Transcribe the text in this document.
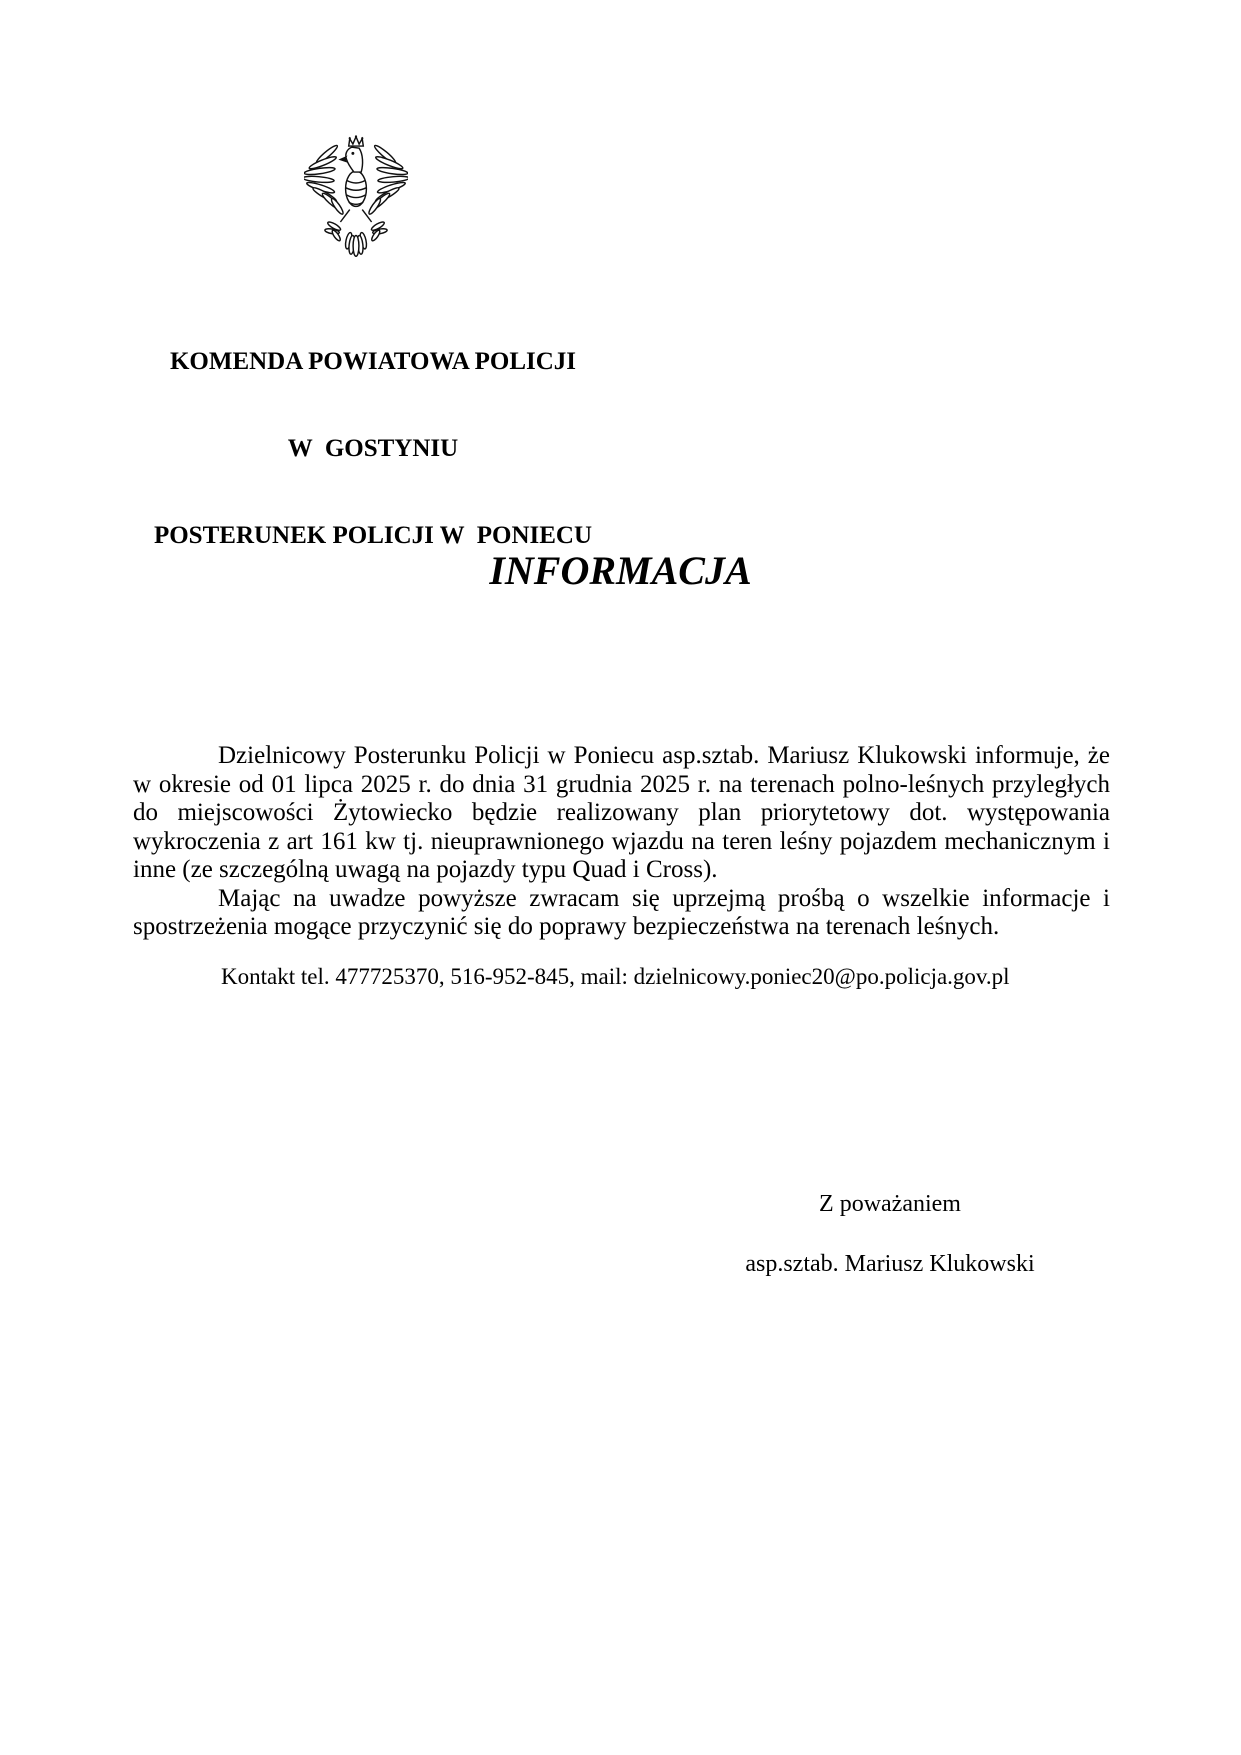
KOMENDA POWIATOWA POLICJI

W  GOSTYNIU

POSTERUNEK POLICJI W  PONIECU

INFORMACJA

Dzielnicowy Posterunku Policji w Poniecu asp.sztab. Mariusz Klukowski informuje, że w okresie od 01 lipca 2025 r. do dnia 31 grudnia 2025 r. na terenach polno-leśnych przyległych do miejscowości Żytowiecko będzie realizowany plan priorytetowy dot. występowania wykroczenia z art 161 kw tj. nieuprawnionego wjazdu na teren leśny pojazdem mechanicznym i inne (ze szczególną uwagą na pojazdy typu Quad i Cross).

Mając na uwadze powyższe zwracam się uprzejmą prośbą o wszelkie informacje i spostrzeżenia mogące przyczynić się do poprawy bezpieczeństwa na terenach leśnych.

Kontakt tel. 477725370, 516-952-845, mail: dzielnicowy.poniec20@po.policja.gov.pl
Z poważaniem
asp.sztab. Mariusz Klukowski
